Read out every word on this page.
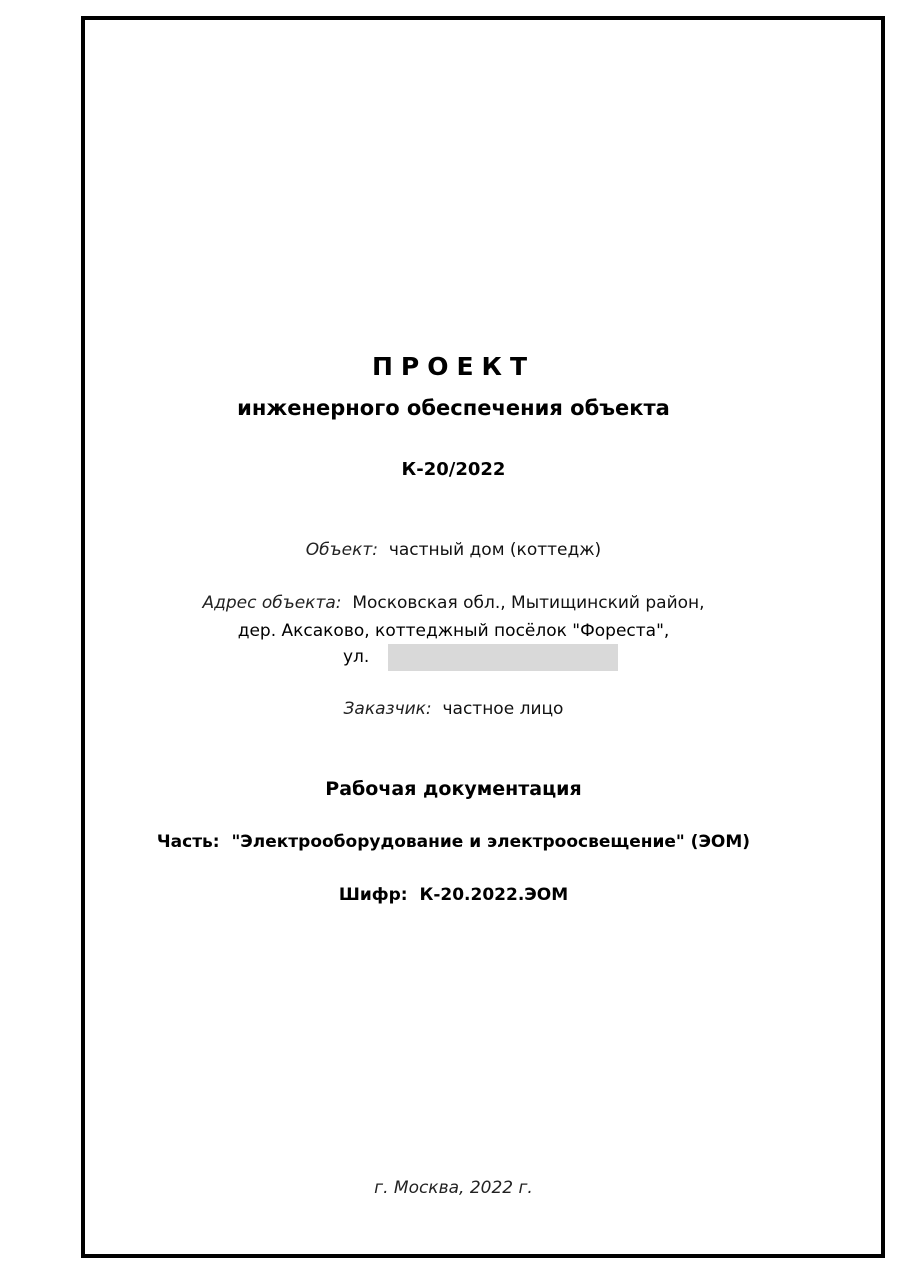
ПРОЕКТ
инженерного обеспечения объекта
К-20/2022
Объект: частный дом (коттедж)
Адрес объекта: Московская обл., Мытищинский район,
дер. Аксаково, коттеджный посёлок "Фореста",
ул.
Заказчик: частное лицо
Рабочая документация
Часть: "Электрооборудование и электроосвещение" (ЭОМ)
Шифр: К-20.2022.ЭОМ
г. Москва, 2022 г.
